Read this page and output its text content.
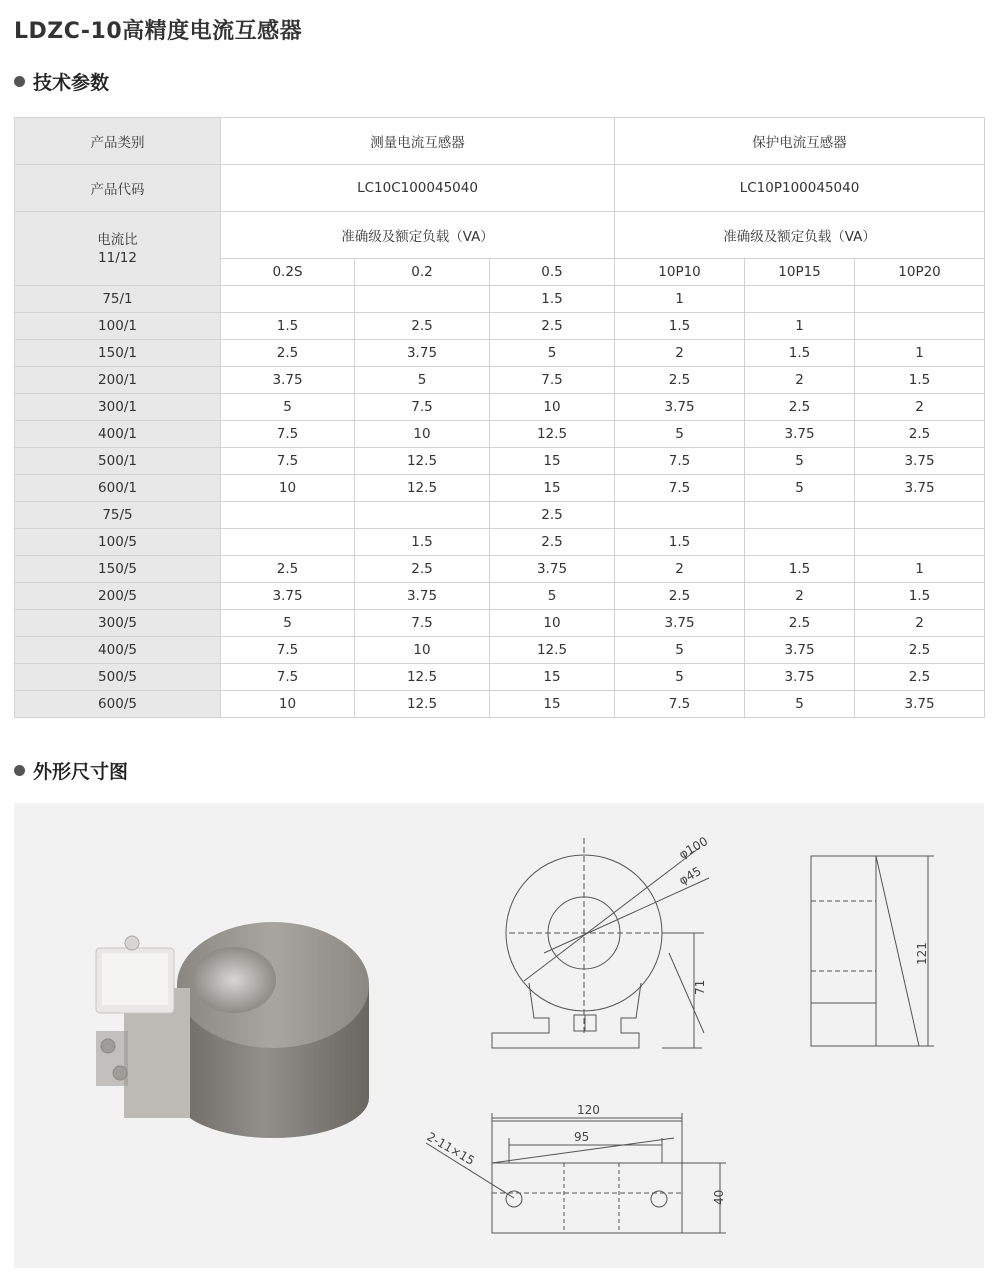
LDZC-10高精度电流互感器
技术参数
产品类别	测量电流互感器			保护电流互感器		
产品代码	LC10C100045040			LC10P100045040		

电流比
11/12	准确级及额定负载（VA）			准确级及额定负载（VA）		
	0.2S	0.2	0.5	10P10	10P15	10P20
75/1			1.5	1		
100/1	1.5	2.5	2.5	1.5	1	
150/1	2.5	3.75	5	2	1.5	1
200/1	3.75	5	7.5	2.5	2	1.5
300/1	5	7.5	10	3.75	2.5	2
400/1	7.5	10	12.5	5	3.75	2.5
500/1	7.5	12.5	15	7.5	5	3.75
600/1	10	12.5	15	7.5	5	3.75
75/5			2.5			
100/5		1.5	2.5	1.5		
150/5	2.5	2.5	3.75	2	1.5	1
200/5	3.75	3.75	5	2.5	2	1.5
300/5	5	7.5	10	3.75	2.5	2
400/5	7.5	10	12.5	5	3.75	2.5
500/5	7.5	12.5	15	5	3.75	2.5
600/5	10	12.5	15	7.5	5	3.75
外形尺寸图
φ100
φ45
71
121
120
95
2-11×15
40
